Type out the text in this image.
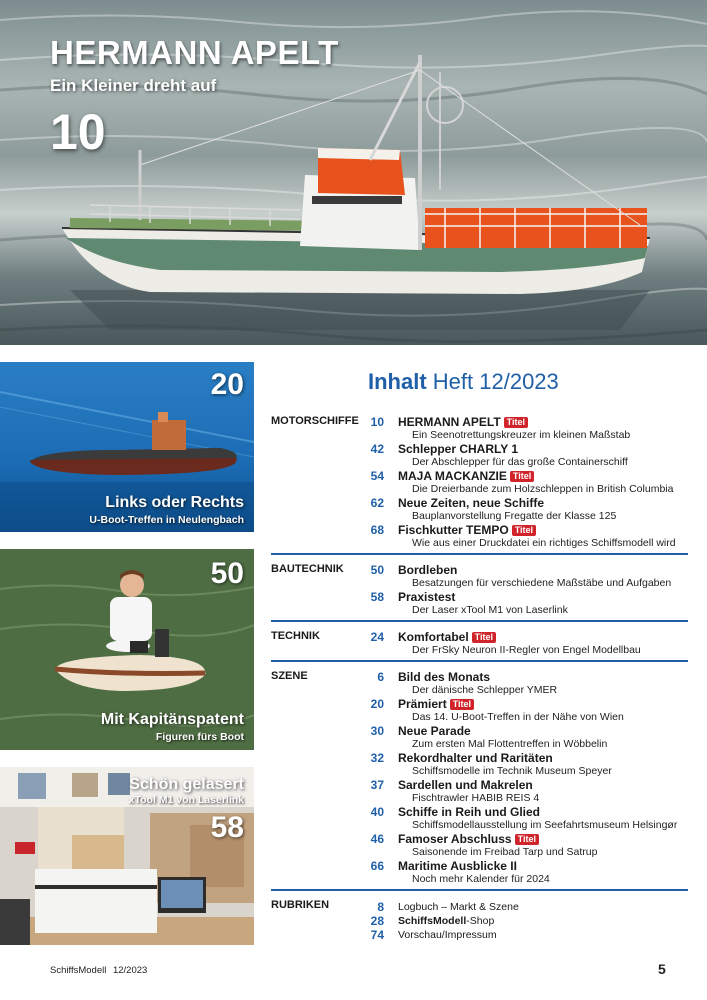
HERMANN APELT
Ein Kleiner dreht auf
10
20
Links oder Rechts
U-Boot-Treffen in Neulengbach
50
Mit Kapitänspatent
Figuren fürs Boot
Schön gelasert
xTool M1 von Laserlink
58
Inhalt Heft 12/2023
MOTORSCHIFFE 10 HERMANN APELT Titel
Ein Seenotrettungskreuzer im kleinen Maßstab
42 Schlepper CHARLY 1
Der Abschlepper für das große Containerschiff
54 MAJA MACKANZIE Titel
Die Dreierbande zum Holzschleppen in British Columbia
62 Neue Zeiten, neue Schiffe
Bauplanvorstellung Fregatte der Klasse 125
68 Fischkutter TEMPO Titel
Wie aus einer Druckdatei ein richtiges Schiffsmodell wird
BAUTECHNIK	50 Bordleben
Besatzungen für verschiedene Maßstäbe und Aufgaben
58 Praxistest
Der Laser xTool M1 von Laserlink
TECHNIK	24 Komfortabel Titel
Der FrSky Neuron II-Regler von Engel Modellbau
SZENE	6 Bild des Monats
Der dänische Schlepper YMER
20 Prämiert Titel
Das 14. U-Boot-Treffen in der Nähe von Wien
30 Neue Parade
Zum ersten Mal Flottentreffen in Wöbbelin
32 Rekordhalter und Raritäten
Schiffsmodelle im Technik Museum Speyer
37 Sardellen und Makrelen
Fischtrawler HABIB REIS 4
40 Schiffe in Reih und Glied
Schiffsmodellausstellung im Seefahrtsmuseum Helsingør
46 Famoser Abschluss Titel
Saisonende im Freibad Tarp und Satrup
66 Maritime Ausblicke II
Noch mehr Kalender für 2024
RUBRIKEN	8 Logbuch – Markt & Szene
28 SchiffsModell-Shop
74 Vorschau/Impressum
SchiffsModell 12/2023	5
